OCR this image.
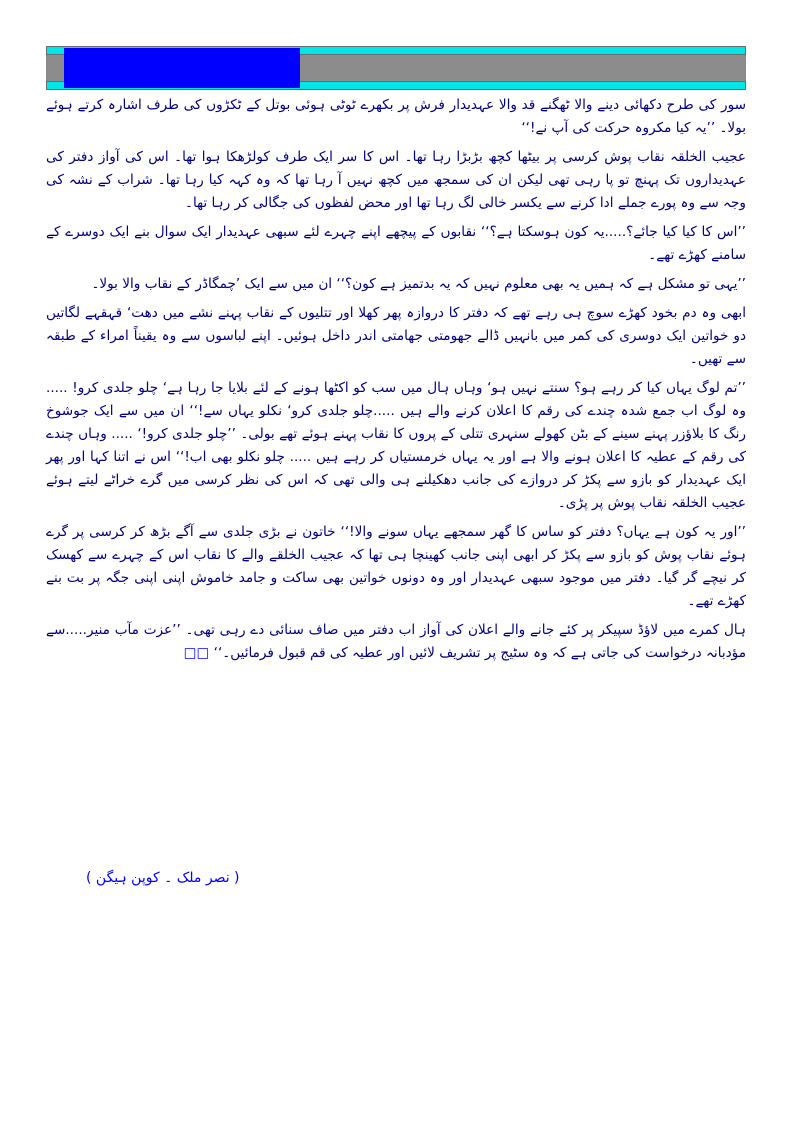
سور کی طرح دکھائی دینے والا ٹھگنے قد والا عہدیدار فرش پر بکھرے ٹوٹی ہوئی بوتل کے ٹکڑوں کی طرف اشارہ کرتے ہوئے بولا۔ ’’یہ کیا مکروہ حرکت کی آپ نے!‘‘

عجیب الخلقہ نقاب پوش کرسی پر بیٹھا کچھ بڑبڑا رہا تھا۔ اس کا سر ایک طرف کولڑھکا ہوا تھا۔ اس کی آواز دفتر کی عہدیداروں تک پہنچ تو پا رہی تھی لیکن ان کی سمجھ میں کچھ نہیں آ رہا تھا کہ وہ کہہ کیا رہا تھا۔ شراب کے نشہ کی وجہ سے وہ پورے جملے ادا کرنے سے یکسر خالی لگ رہا تھا اور محض لفظوں کی جگالی کر رہا تھا۔

’’اس کا کیا کیا جائے؟.....یہ کون ہوسکتا ہے؟‘‘ نقابوں کے پیچھے اپنے چہرے لئے سبھی عہدیدار ایک سوال بنے ایک دوسرے کے سامنے کھڑے تھے۔

’’یہی تو مشکل ہے کہ ہمیں یہ بھی معلوم نہیں کہ یہ بدتمیز ہے کون؟‘‘ ان میں سے ایک ’چمگاڈر کے نقاب والا بولا۔

ابھی وہ دم بخود کھڑے سوچ ہی رہے تھے کہ دفتر کا دروازہ پھر کھلا اور تتلیوں کے نقاب پہنے نشے میں دھت‘ قہقہے لگاتیں دو خواتین ایک دوسری کی کمر میں بانہیں ڈالے جھومتی جھامتی اندر داخل ہوئیں۔ اپنے لباسوں سے وہ یقیناً امراء کے طبقہ سے تھیں۔

’’تم لوگ یہاں کیا کر رہے ہو؟ سنتے نہیں ہو‘ وہاں ہال میں سب کو اکٹھا ہونے کے لئے بلایا جا رہا ہے‘ چلو جلدی کرو! ..... وہ لوگ اب جمع شدہ چندے کی رقم کا اعلان کرنے والے ہیں .....چلو جلدی کرو‘ نکلو یہاں سے!‘‘ ان میں سے ایک جوشوخ رنگ کا بلاؤزر پہنے سینے کے بٹن کھولے سنہری تتلی کے پروں کا نقاب پہنے ہوئے تھے بولی۔ ’’چلو جلدی کرو!‘ ..... وہاں چندے کی رقم کے عطیہ کا اعلان ہونے والا ہے اور یہ یہاں خرمستیاں کر رہے ہیں ..... چلو نکلو بھی اب!‘‘ اس نے اتنا کہا اور پھر ایک عہدیدار کو بازو سے پکڑ کر دروازے کی جانب دھکیلنے ہی والی تھی کہ اس کی نظر کرسی میں گرے خراٹے لیتے ہوئے عجیب الخلقہ نقاب پوش پر پڑی۔

’’اور یہ کون ہے یہاں؟ دفتر کو ساس کا گھر سمجھے یہاں سونے والا!‘‘ خاتون نے بڑی جلدی سے آگے بڑھ کر کرسی پر گرے ہوئے نقاب پوش کو بازو سے پکڑ کر ابھی اپنی جانب کھینچا ہی تھا کہ عجیب الخلقے والے کا نقاب اس کے چہرے سے کھسک کر نیچے گر گیا۔ دفتر میں موجود سبھی عہدیدار اور وہ دونوں خواتین بھی ساکت و جامد خاموش اپنی اپنی جگہ پر بت بنے کھڑے تھے۔

ہال کمرے میں لاؤڈ سپیکر پر کئے جانے والے اعلان کی آواز اب دفتر میں صاف سنائی دے رہی تھی۔ ’’عزت مآب منیر.....سے مؤدبانہ درخواست کی جاتی ہے کہ وہ سٹیج پر تشریف لائیں اور عطیہ کی قم قبول فرمائیں۔‘‘ □□

( نصر ملک ۔ کوپن ہیگن )
